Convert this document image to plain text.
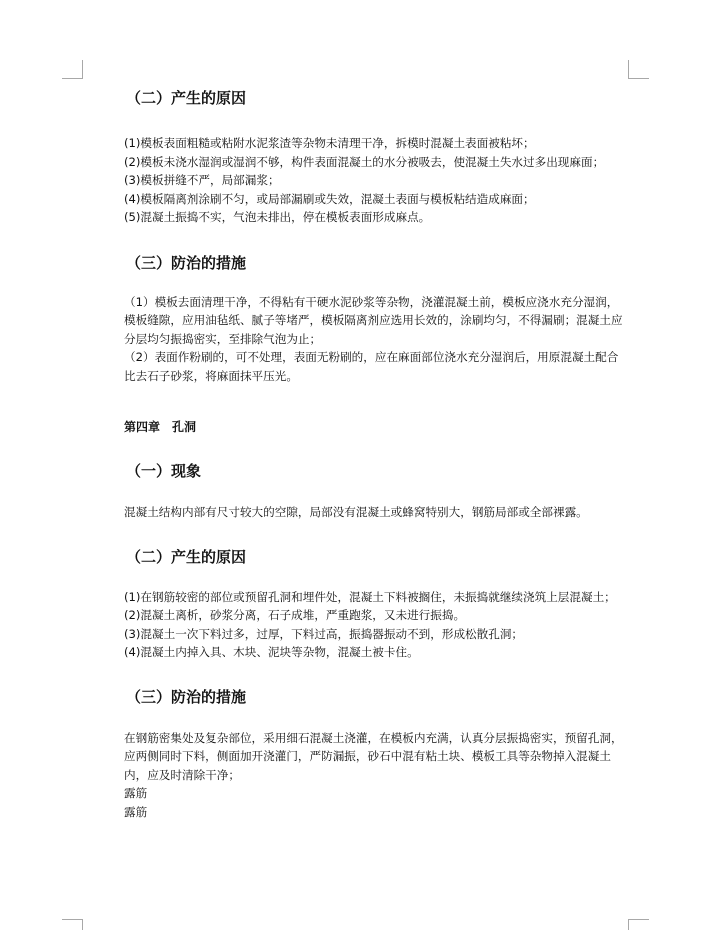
（二）产生的原因

(1)模板表面粗糙或粘附水泥浆渣等杂物未清理干净，拆模时混凝土表面被粘坏；

(2)模板未浇水湿润或湿润不够，构件表面混凝土的水分被吸去，使混凝土失水过多出现麻面；

(3)模板拼缝不严，局部漏浆；

(4)模板隔离剂涂刷不匀，或局部漏刷或失效，混凝土表面与模板粘结造成麻面；

(5)混凝土振捣不实，气泡未排出，停在模板表面形成麻点。

（三）防治的措施

（1）模板去面清理干净，不得粘有干硬水泥砂浆等杂物，浇灌混凝土前，模板应浇水充分湿润，模板缝隙，应用油毡纸、腻子等堵严，模板隔离剂应选用长效的，涂刷均匀，不得漏刷；混凝土应分层均匀振捣密实，至排除气泡为止；

（2）表面作粉刷的，可不处理，表面无粉刷的，应在麻面部位浇水充分湿润后，用原混凝土配合比去石子砂浆，将麻面抹平压光。

第四章　孔洞
（一）现象

混凝土结构内部有尺寸较大的空隙，局部没有混凝土或蜂窝特别大，钢筋局部或全部裸露。

（二）产生的原因

(1)在钢筋较密的部位或预留孔洞和埋件处，混凝土下料被搁住，未振捣就继续浇筑上层混凝土；

(2)混凝土离析，砂浆分离，石子成堆，严重跑浆，又未进行振捣。

(3)混凝土一次下料过多，过厚，下料过高，振捣器振动不到，形成松散孔洞；

(4)混凝土内掉入具、木块、泥块等杂物，混凝土被卡住。

（三）防治的措施

在钢筋密集处及复杂部位，采用细石混凝土浇灌，在模板内充满，认真分层振捣密实，预留孔洞，应两侧同时下料，侧面加开浇灌门，严防漏振，砂石中混有粘土块、模板工具等杂物掉入混凝土内，应及时清除干净；

露筋

露筋
